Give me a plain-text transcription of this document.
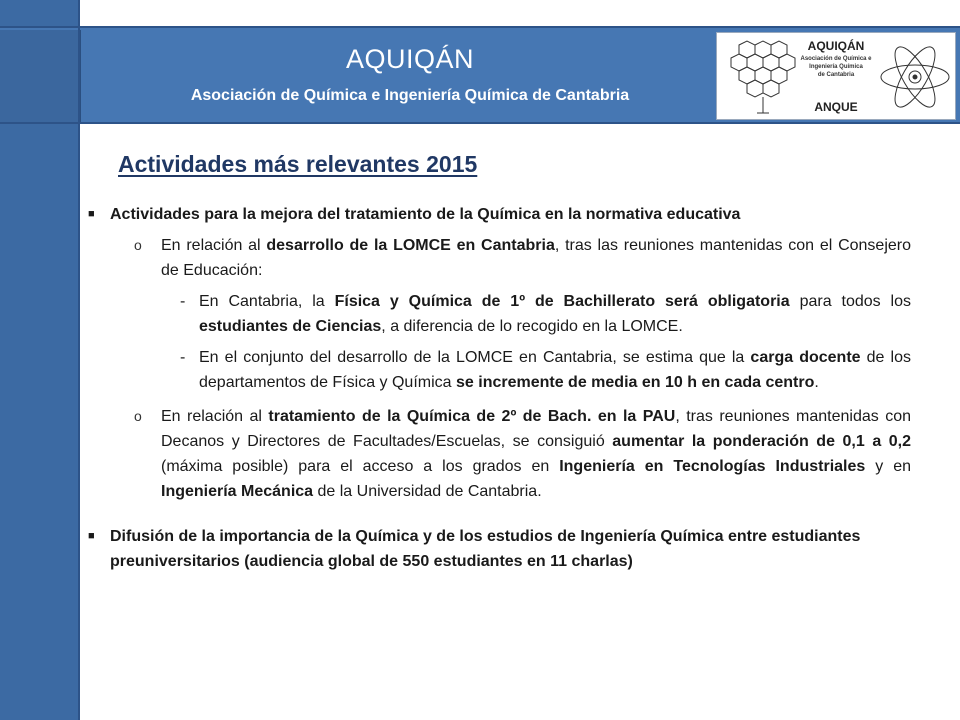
AQUIQÁN
Asociación de Química e Ingeniería Química de Cantabria
AQUIQÁN
Asociación de Química e
Ingeniería Química
de Cantabria
ANQUE
Actividades más relevantes 2015
■ Actividades para la mejora del tratamiento de la Química en la normativa educativa
o En relación al desarrollo de la LOMCE en Cantabria, tras las reuniones mantenidas con el Consejero de Educación:
- En Cantabria, la Física y Química de 1º de Bachillerato será obligatoria para todos los estudiantes de Ciencias, a diferencia de lo recogido en la LOMCE.
- En el conjunto del desarrollo de la LOMCE en Cantabria, se estima que la carga docente de los departamentos de Física y Química se incremente de media en 10 h en cada centro.
o En relación al tratamiento de la Química de 2º de Bach. en la PAU, tras reuniones mantenidas con Decanos y Directores de Facultades/Escuelas, se consiguió aumentar la ponderación de 0,1 a 0,2 (máxima posible) para el acceso a los grados en Ingeniería en Tecnologías Industriales y en Ingeniería Mecánica de la Universidad de Cantabria.
■ Difusión de la importancia de la Química y de los estudios de Ingeniería Química entre estudiantes preuniversitarios (audiencia global de 550 estudiantes en 11 charlas)
